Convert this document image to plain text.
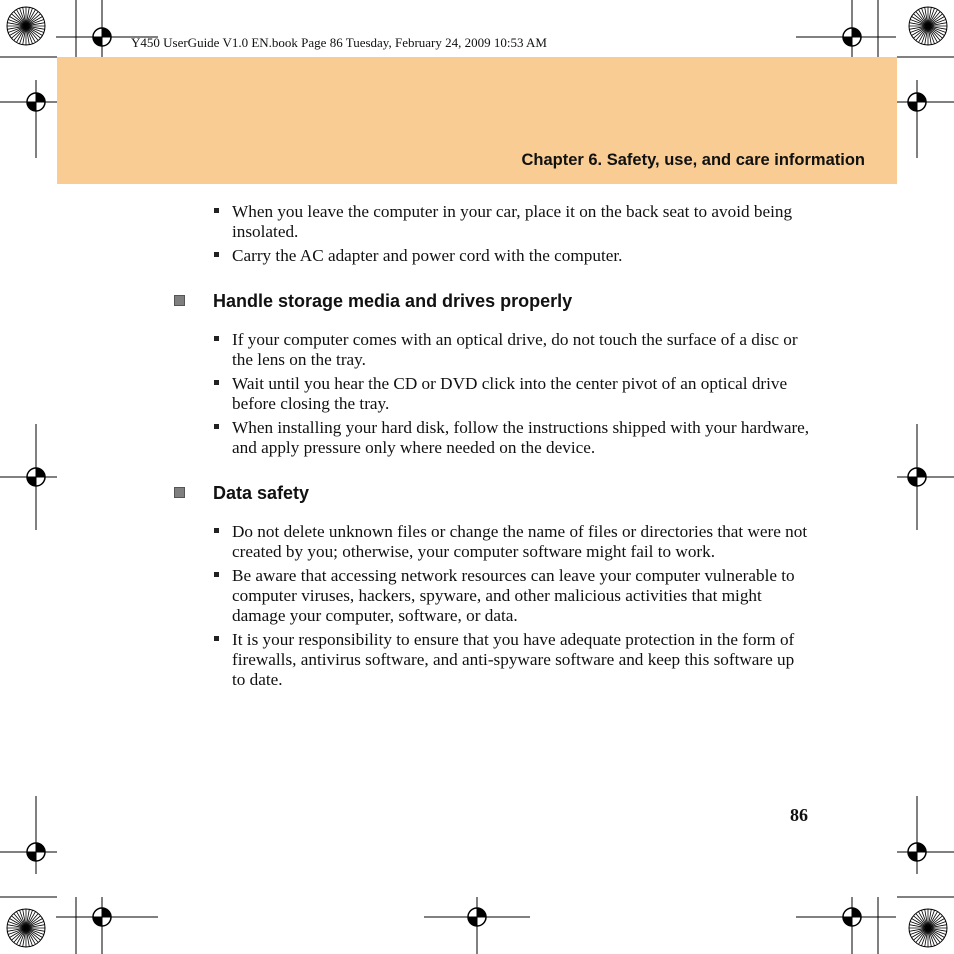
Y450 UserGuide V1.0 EN.book Page 86 Tuesday, February 24, 2009 10:53 AM
Chapter 6. Safety, use, and care information
When you leave the computer in your car, place it on the back seat to avoid being insolated.
Carry the AC adapter and power cord with the computer.
Handle storage media and drives properly
If your computer comes with an optical drive, do not touch the surface of a disc or the lens on the tray.
Wait until you hear the CD or DVD click into the center pivot of an optical drive before closing the tray.
When installing your hard disk, follow the instructions shipped with your hardware, and apply pressure only where needed on the device.
Data safety
Do not delete unknown files or change the name of files or directories that were not created by you; otherwise, your computer software might fail to work.
Be aware that accessing network resources can leave your computer vulnerable to computer viruses, hackers, spyware, and other malicious activities that might damage your computer, software, or data.
It is your responsibility to ensure that you have adequate protection in the form of firewalls, antivirus software, and anti-spyware software and keep this software up to date.
86
